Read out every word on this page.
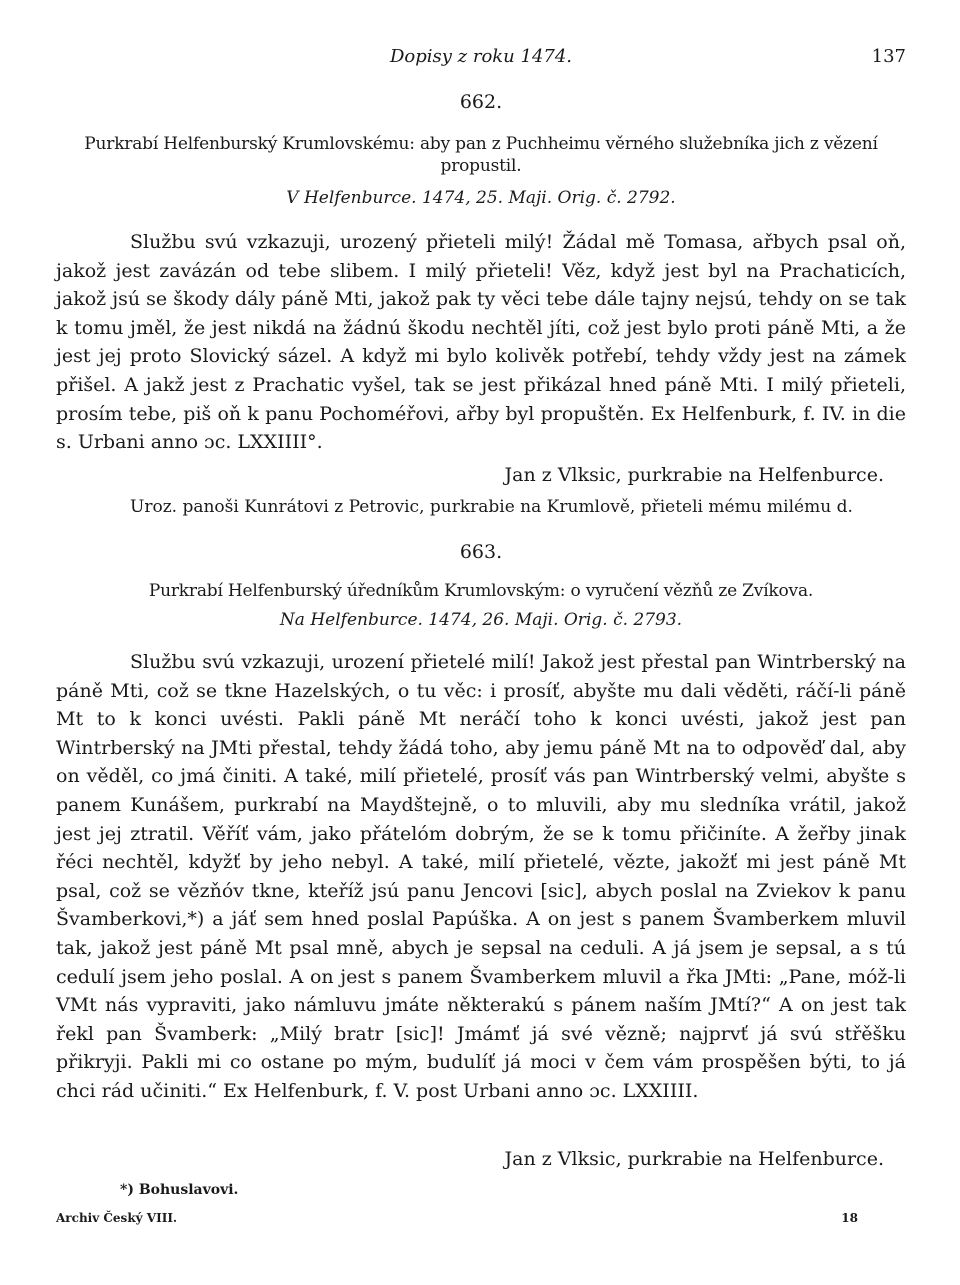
Dopisy z roku 1474.	137
662.
Purkrabí Helfenburský Krumlovskému: aby pan z Puchheimu věrného služebníka jich z vězení propustil.
V Helfenburce. 1474, 25. Maji. Orig. č. 2792.

Službu svú vzkazuji, urozený přieteli milý! Žádal mě Tomasa, ařbych psal oň, jakož jest zavázán od tebe slibem. I milý přieteli! Věz, když jest byl na Prachaticích, jakož jsú se škody dály páně Mti, jakož pak ty věci tebe dále tajny nejsú, tehdy on se tak k tomu jměl, že jest nikdá na žádnú škodu nechtěl jíti, což jest bylo proti páně Mti, a že jest jej proto Slovický sázel. A když mi bylo kolivěk potřebí, tehdy vždy jest na zámek přišel. A jakž jest z Prachatic vyšel, tak se jest přikázal hned páně Mti. I milý přieteli, prosím tebe, piš oň k panu Pochoméřovi, ařby byl propuštěn. Ex Helfenburk, f. IV. in die s. Urbani anno ɔc. LXXIIII°.

Jan z Vlksic, purkrabie na Helfenburce.
Uroz. panoši Kunrátovi z Petrovic, purkrabie na Krumlově, přieteli mému milému d.
663.
Purkrabí Helfenburský úředníkům Krumlovským: o vyručení vězňů ze Zvíkova.
Na Helfenburce. 1474, 26. Maji. Orig. č. 2793.

Službu svú vzkazuji, urození přietelé milí! Jakož jest přestal pan Wintrberský na páně Mti, což se tkne Hazelských, o tu věc: i prosíť, abyšte mu dali věděti, ráčí-li páně Mt to k konci uvésti. Pakli páně Mt neráčí toho k konci uvésti, jakož jest pan Wintrberský na JMti přestal, tehdy žádá toho, aby jemu páně Mt na to odpověď dal, aby on věděl, co jmá činiti. A také, milí přietelé, prosíť vás pan Wintrberský velmi, abyšte s panem Kunášem, purkrabí na Maydštejně, o to mluvili, aby mu sledníka vrátil, jakož jest jej ztratil. Věříť vám, jako přátelóm dobrým, že se k tomu přičiníte. A žeřby jinak řéci nechtěl, kdyžť by jeho nebyl. A také, milí přietelé, vězte, jakožť mi jest páně Mt psal, což se vězňóv tkne, kteříž jsú panu Jencovi [sic], abych poslal na Zviekov k panu Švamberkovi,*) a jáť sem hned poslal Papúška. A on jest s panem Švamberkem mluvil tak, jakož jest páně Mt psal mně, abych je sepsal na ceduli. A já jsem je sepsal, a s tú cedulí jsem jeho poslal. A on jest s panem Švamberkem mluvil a řka JMti: „Pane, móž-li VMt nás vypraviti, jako námluvu jmáte některakú s pánem naším JMtí?“ A on jest tak řekl pan Švamberk: „Milý bratr [sic]! Jmámť já své vězně; najprvť já svú střěšku přikryji. Pakli mi co ostane po mým, budulíť já moci v čem vám prospěšen býti, to já chci rád učiniti.“ Ex Helfenburk, f. V. post Urbani anno ɔc. LXXIIII.

Jan z Vlksic, purkrabie na Helfenburce.
*) Bohuslavovi.
Archiv Český VIII.	18
